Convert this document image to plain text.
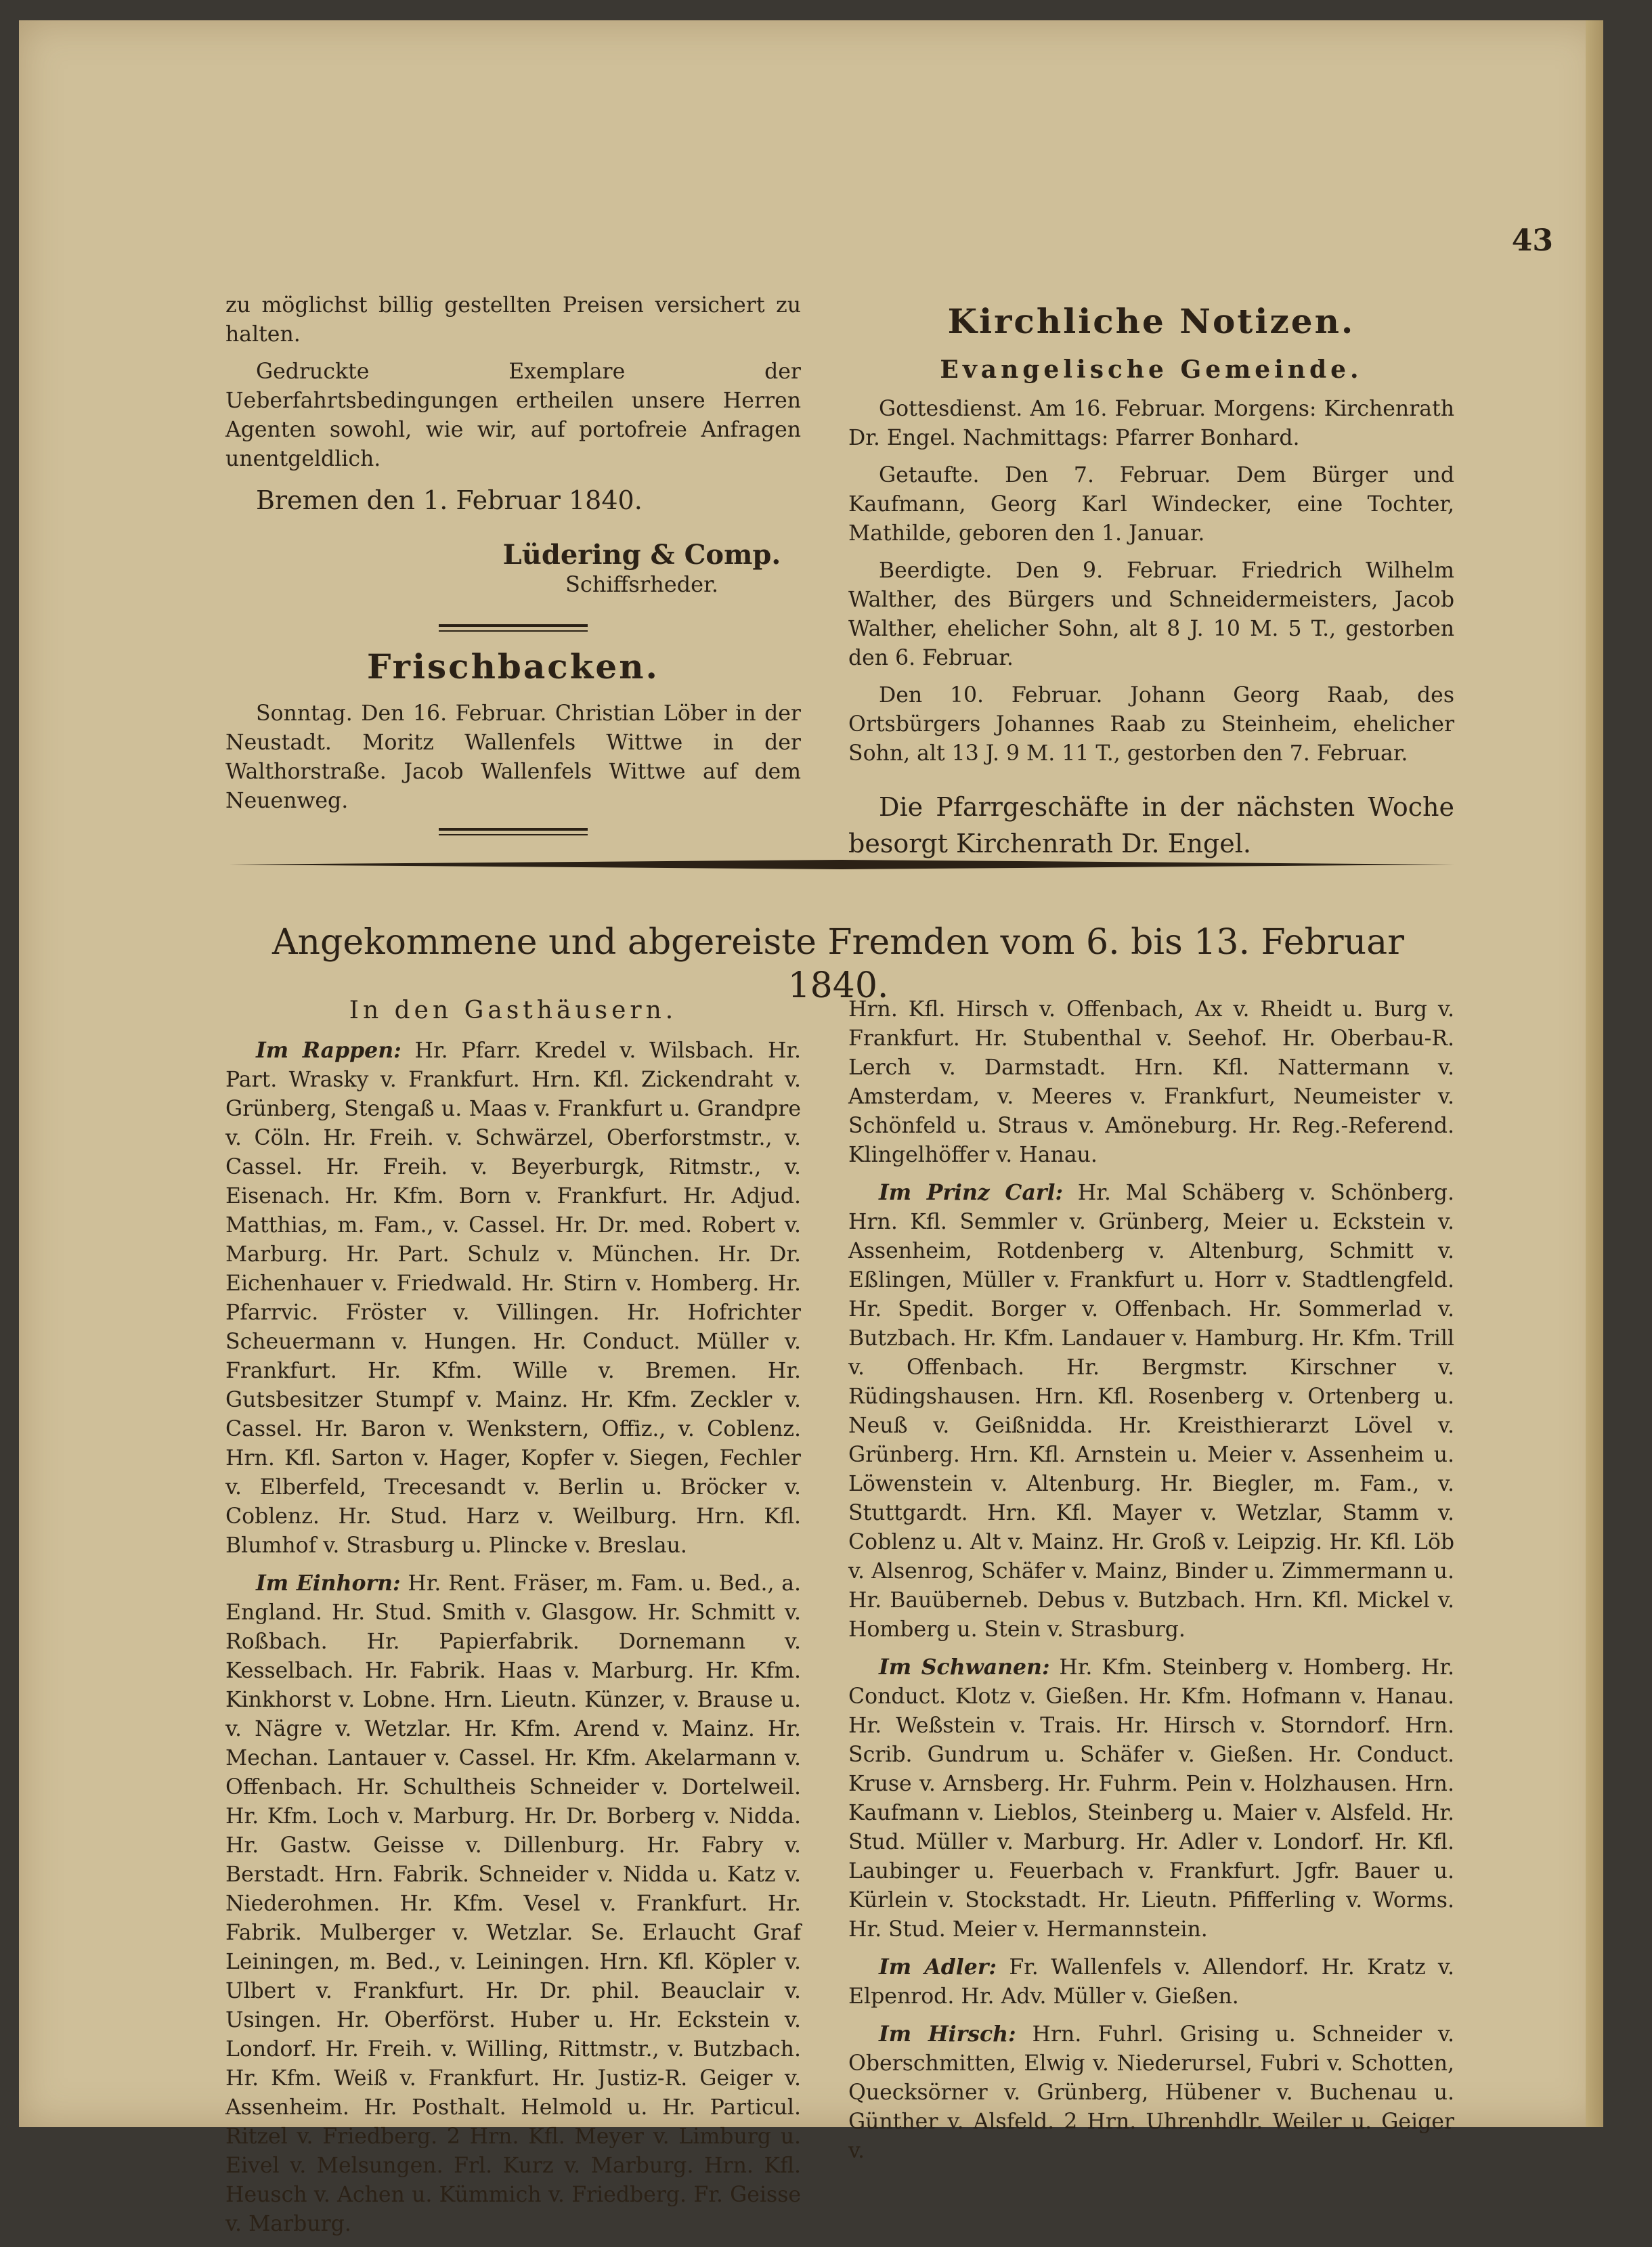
43

zu möglichst billig gestellten Preisen versichert zu halten.

Gedruckte Exemplare der Ueberfahrtsbedingungen ertheilen unsere Herren Agenten sowohl, wie wir, auf portofreie Anfragen unentgeldlich.

Bremen den 1. Februar 1840.

Lüdering & Comp.
Schiffsrheder.
Frischbacken.

Sonntag. Den 16. Februar. Christian Löber in der Neustadt. Moritz Wallenfels Wittwe in der Walthorstraße. Jacob Wallenfels Wittwe auf dem Neuenweg.

Kirchliche Notizen.
Evangelische Gemeinde.

Gottesdienst. Am 16. Februar. Morgens: Kirchenrath Dr. Engel. Nachmittags: Pfarrer Bonhard.

Getaufte. Den 7. Februar. Dem Bürger und Kaufmann, Georg Karl Windecker, eine Tochter, Mathilde, geboren den 1. Januar.

Beerdigte. Den 9. Februar. Friedrich Wilhelm Walther, des Bürgers und Schneidermeisters, Jacob Walther, ehelicher Sohn, alt 8 J. 10 M. 5 T., gestorben den 6. Februar.

Den 10. Februar. Johann Georg Raab, des Ortsbürgers Johannes Raab zu Steinheim, ehelicher Sohn, alt 13 J. 9 M. 11 T., gestorben den 7. Februar.

Die Pfarrgeschäfte in der nächsten Woche besorgt Kirchenrath Dr. Engel.

Angekommene und abgereiste Fremden vom 6. bis 13. Februar 1840.
In den Gasthäusern.

Im Rappen: Hr. Pfarr. Kredel v. Wilsbach. Hr. Part. Wrasky v. Frankfurt. Hrn. Kfl. Zickendraht v. Grünberg, Stengaß u. Maas v. Frankfurt u. Grandpre v. Cöln. Hr. Freih. v. Schwärzel, Oberforstmstr., v. Cassel. Hr. Freih. v. Beyerburgk, Ritmstr., v. Eisenach. Hr. Kfm. Born v. Frankfurt. Hr. Adjud. Matthias, m. Fam., v. Cassel. Hr. Dr. med. Robert v. Marburg. Hr. Part. Schulz v. München. Hr. Dr. Eichenhauer v. Friedwald. Hr. Stirn v. Homberg. Hr. Pfarrvic. Fröster v. Villingen. Hr. Hofrichter Scheuermann v. Hungen. Hr. Conduct. Müller v. Frankfurt. Hr. Kfm. Wille v. Bremen. Hr. Gutsbesitzer Stumpf v. Mainz. Hr. Kfm. Zeckler v. Cassel. Hr. Baron v. Wenkstern, Offiz., v. Coblenz. Hrn. Kfl. Sarton v. Hager, Kopfer v. Siegen, Fechler v. Elberfeld, Trecesandt v. Berlin u. Bröcker v. Coblenz. Hr. Stud. Harz v. Weilburg. Hrn. Kfl. Blumhof v. Strasburg u. Plincke v. Breslau.

Im Einhorn: Hr. Rent. Fräser, m. Fam. u. Bed., a. England. Hr. Stud. Smith v. Glasgow. Hr. Schmitt v. Roßbach. Hr. Papierfabrik. Dornemann v. Kesselbach. Hr. Fabrik. Haas v. Marburg. Hr. Kfm. Kinkhorst v. Lobne. Hrn. Lieutn. Künzer, v. Brause u. v. Nägre v. Wetzlar. Hr. Kfm. Arend v. Mainz. Hr. Mechan. Lantauer v. Cassel. Hr. Kfm. Akelarmann v. Offenbach. Hr. Schultheis Schneider v. Dortelweil. Hr. Kfm. Loch v. Marburg. Hr. Dr. Borberg v. Nidda. Hr. Gastw. Geisse v. Dillenburg. Hr. Fabry v. Berstadt. Hrn. Fabrik. Schneider v. Nidda u. Katz v. Niederohmen. Hr. Kfm. Vesel v. Frankfurt. Hr. Fabrik. Mulberger v. Wetzlar. Se. Erlaucht Graf Leiningen, m. Bed., v. Leiningen. Hrn. Kfl. Köpler v. Ulbert v. Frankfurt. Hr. Dr. phil. Beauclair v. Usingen. Hr. Oberförst. Huber u. Hr. Eckstein v. Londorf. Hr. Freih. v. Willing, Rittmstr., v. Butzbach. Hr. Kfm. Weiß v. Frankfurt. Hr. Justiz-R. Geiger v. Assenheim. Hr. Posthalt. Helmold u. Hr. Particul. Ritzel v. Friedberg. 2 Hrn. Kfl. Meyer v. Limburg u. Eivel v. Melsungen. Frl. Kurz v. Marburg. Hrn. Kfl. Heusch v. Achen u. Kümmich v. Friedberg. Fr. Geisse v. Marburg.

Hrn. Kfl. Hirsch v. Offenbach, Ax v. Rheidt u. Burg v. Frankfurt. Hr. Stubenthal v. Seehof. Hr. Oberbau-R. Lerch v. Darmstadt. Hrn. Kfl. Nattermann v. Amsterdam, v. Meeres v. Frankfurt, Neumeister v. Schönfeld u. Straus v. Amöneburg. Hr. Reg.-Referend. Klingelhöffer v. Hanau.

Im Prinz Carl: Hr. Mal Schäberg v. Schönberg. Hrn. Kfl. Semmler v. Grünberg, Meier u. Eckstein v. Assenheim, Rotdenberg v. Altenburg, Schmitt v. Eßlingen, Müller v. Frankfurt u. Horr v. Stadtlengfeld. Hr. Spedit. Borger v. Offenbach. Hr. Sommerlad v. Butzbach. Hr. Kfm. Landauer v. Hamburg. Hr. Kfm. Trill v. Offenbach. Hr. Bergmstr. Kirschner v. Rüdingshausen. Hrn. Kfl. Rosenberg v. Ortenberg u. Neuß v. Geißnidda. Hr. Kreisthierarzt Lövel v. Grünberg. Hrn. Kfl. Arnstein u. Meier v. Assenheim u. Löwenstein v. Altenburg. Hr. Biegler, m. Fam., v. Stuttgardt. Hrn. Kfl. Mayer v. Wetzlar, Stamm v. Coblenz u. Alt v. Mainz. Hr. Groß v. Leipzig. Hr. Kfl. Löb v. Alsenrog, Schäfer v. Mainz, Binder u. Zimmermann u. Hr. Bauüberneb. Debus v. Butzbach. Hrn. Kfl. Mickel v. Homberg u. Stein v. Strasburg.

Im Schwanen: Hr. Kfm. Steinberg v. Homberg. Hr. Conduct. Klotz v. Gießen. Hr. Kfm. Hofmann v. Hanau. Hr. Weßstein v. Trais. Hr. Hirsch v. Storndorf. Hrn. Scrib. Gundrum u. Schäfer v. Gießen. Hr. Conduct. Kruse v. Arnsberg. Hr. Fuhrm. Pein v. Holzhausen. Hrn. Kaufmann v. Lieblos, Steinberg u. Maier v. Alsfeld. Hr. Stud. Müller v. Marburg. Hr. Adler v. Londorf. Hr. Kfl. Laubinger u. Feuerbach v. Frankfurt. Jgfr. Bauer u. Kürlein v. Stockstadt. Hr. Lieutn. Pfifferling v. Worms. Hr. Stud. Meier v. Hermannstein.

Im Adler: Fr. Wallenfels v. Allendorf. Hr. Kratz v. Elpenrod. Hr. Adv. Müller v. Gießen.

Im Hirsch: Hrn. Fuhrl. Grising u. Schneider v. Oberschmitten, Elwig v. Niederursel, Fubri v. Schotten, Quecksörner v. Grünberg, Hübener v. Buchenau u. Günther v. Alsfeld. 2 Hrn. Uhrenhdlr. Weiler u. Geiger v.
